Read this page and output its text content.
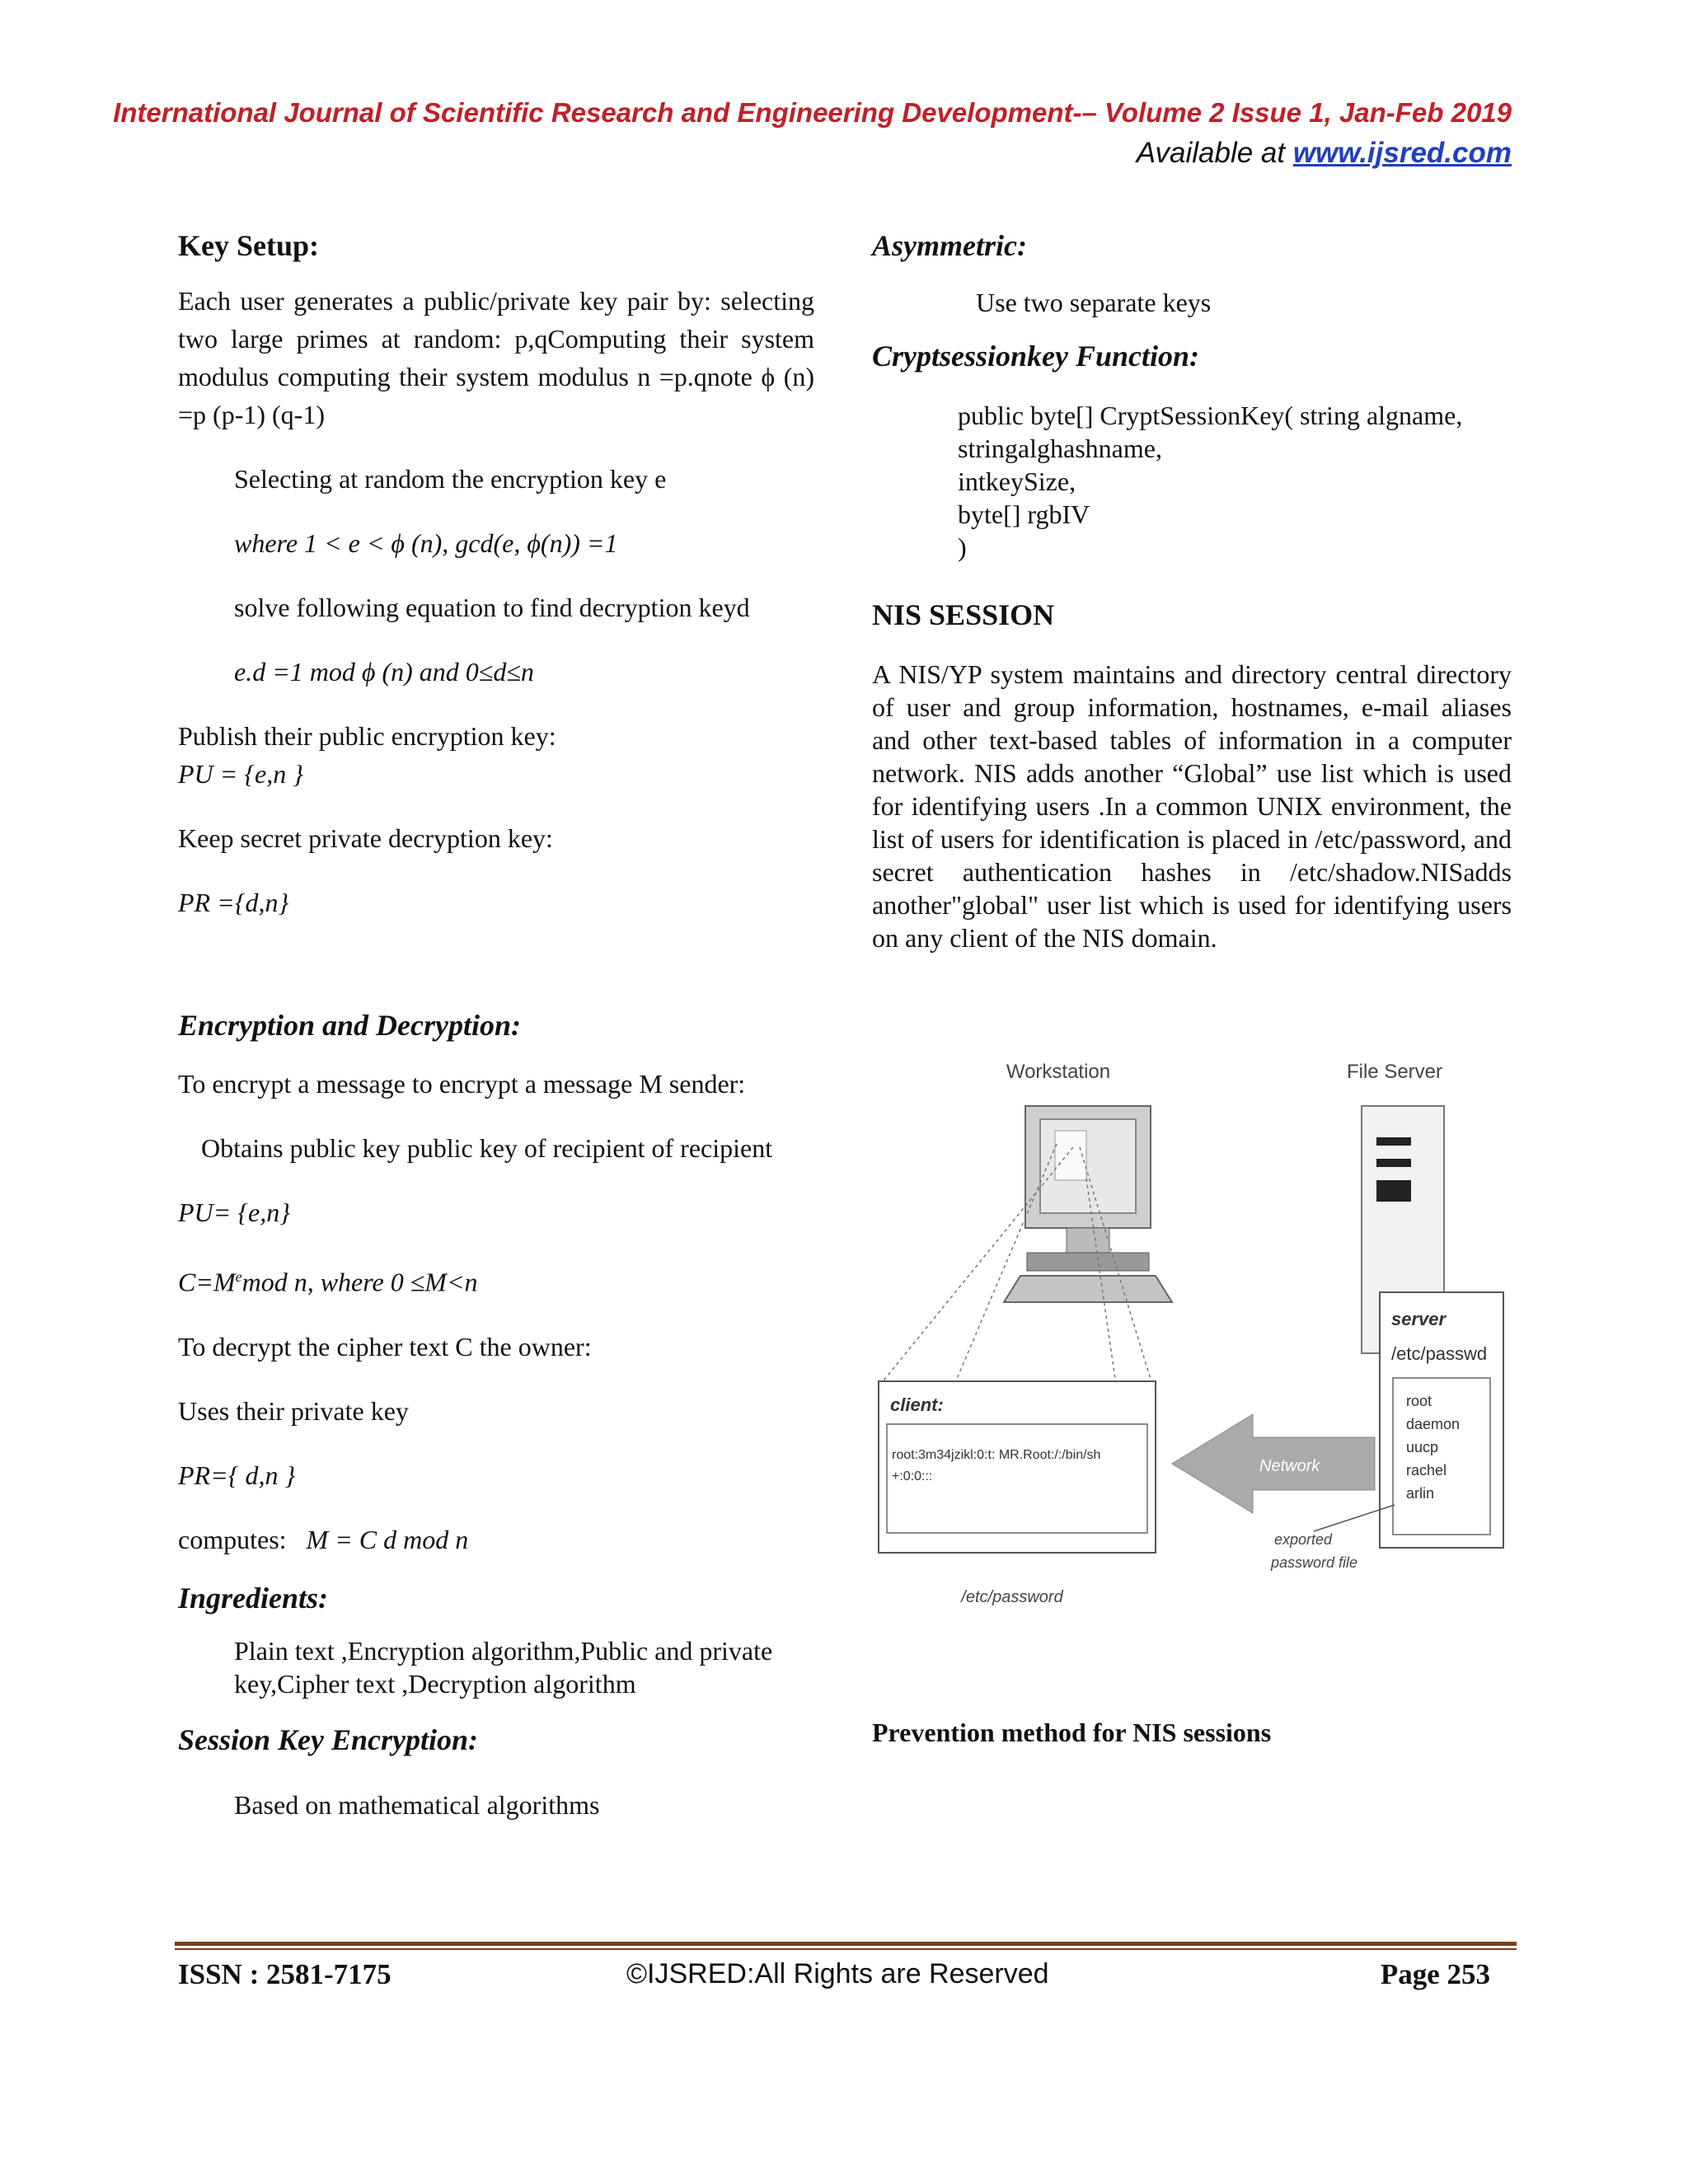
International Journal of Scientific Research and Engineering Development-– Volume 2 Issue 1, Jan-Feb 2019
Available at www.ijsred.com

Key Setup:

Each user generates a public/private key pair by: selecting two large primes at random: p,qComputing their system modulus computing their system modulus n =p.qnote ϕ (n) =p (p-1) (q-1)

Selecting at random the encryption key e

where 1 < e < ϕ (n), gcd(e, ϕ(n)) =1

solve following equation to find decryption keyd

e.d =1 mod ϕ (n) and 0≤d≤n

Publish their public encryption key:

PU = {e,n }

Keep secret private decryption key:

PR ={d,n}

Encryption and Decryption:

To encrypt a message to encrypt a message M sender:

Obtains public key public key of recipient of recipient

PU= {e,n}

$C=M^emod$ n, where 0 ≤M<n

To decrypt the cipher text C the owner:

Uses their private key

PR={ d,n }

computes: M = C d mod n

Ingredients:

Plain text ,Encryption algorithm,Public and private key,Cipher text ,Decryption algorithm

Session Key Encryption:

Based on mathematical algorithms

Asymmetric:

Use two separate keys

Cryptsessionkey Function:

public byte[] CryptSessionKey( string algname,

stringalghashname,

intkeySize,

byte[] rgbIV

)

NIS SESSION

A NIS/YP system maintains and directory central directory of user and group information, hostnames, e-mail aliases and other text-based tables of information in a computer network. NIS adds another “Global” use list which is used for identifying users .In a common UNIX environment, the list of users for identification is placed in /etc/password, and secret authentication hashes in /etc/shadow.NISadds another"global" user list which is used for identifying users on any client of the NIS domain.

Workstation	File Server
client:
root:3m34jzikl:0:t: MR.Root:/:/bin/sh
+:0:0:::
Network
server
/etc/passwd
root
daemon
uucp
rachel
arlin
exported
password file
/etc/password
Prevention method for NIS sessions
ISSN : 2581-7175	©IJSRED:All Rights are Reserved	Page 253
